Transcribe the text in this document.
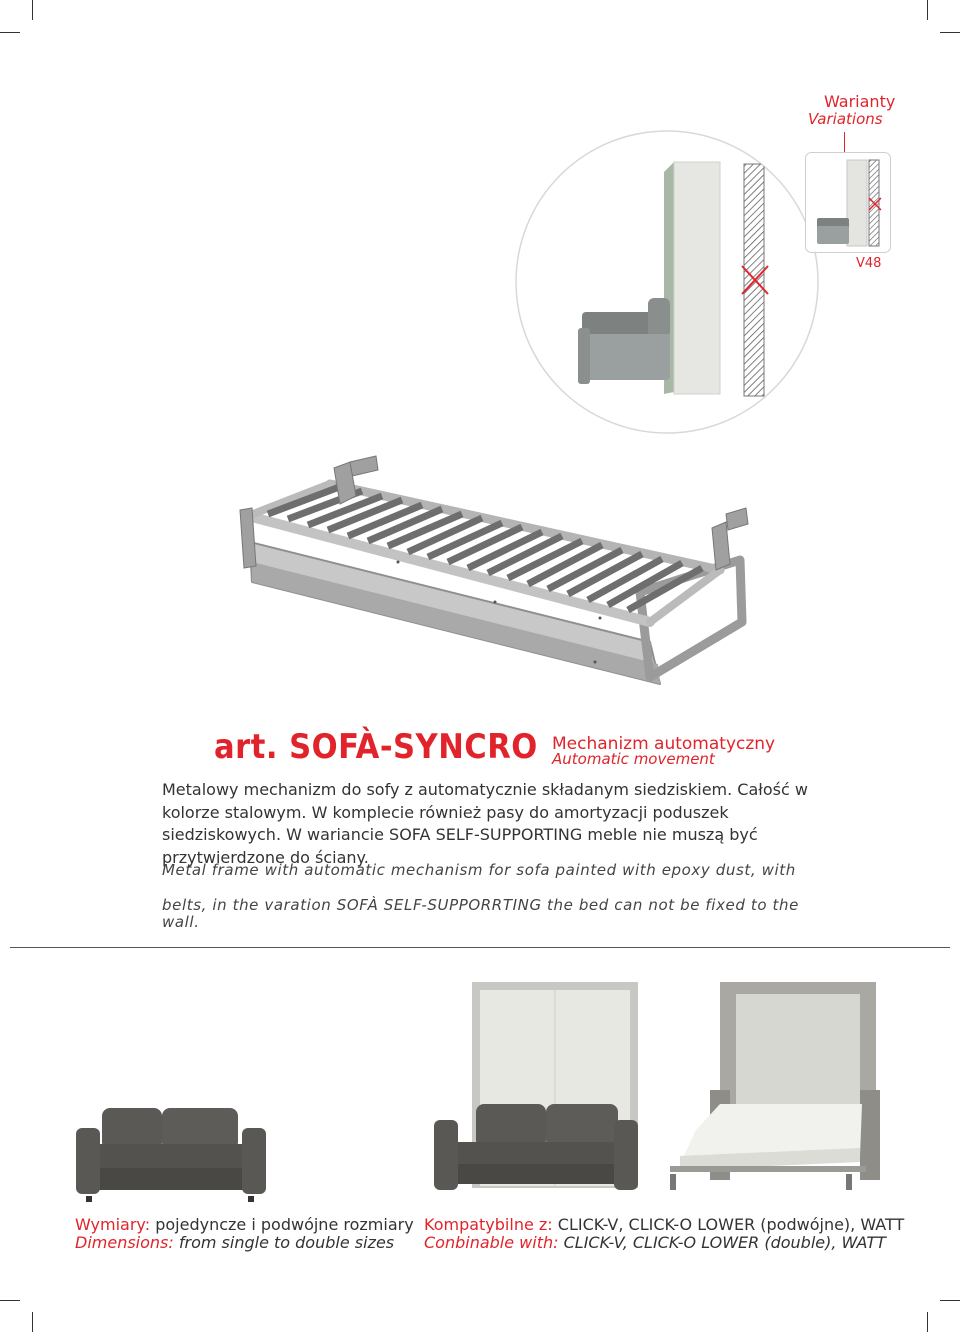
Warianty
Variations
V48
art. SOFÀ-SYNCRO Mechanizm automatyczny
Automatic movement
Metalowy mechanizm do sofy z automatycznie składanym siedziskiem. Całość w kolorze stalowym. W komplecie również pasy do amortyzacji poduszek siedziskowych. W wariancie SOFA SELF-SUPPORTING meble nie muszą być przytwierdzone do ściany.
Metal frame with automatic mechanism for sofa painted with epoxy dust, with
belts, in the varation SOFÀ SELF-SUPPORRTING the bed can not be fixed to the wall.
Wymiary: pojedyncze i podwójne rozmiary
Dimensions: from single to double sizes
Kompatybilne z: CLICK-V, CLICK-O LOWER (podwójne), WATT
Conbinable with: CLICK-V, CLICK-O LOWER (double), WATT
